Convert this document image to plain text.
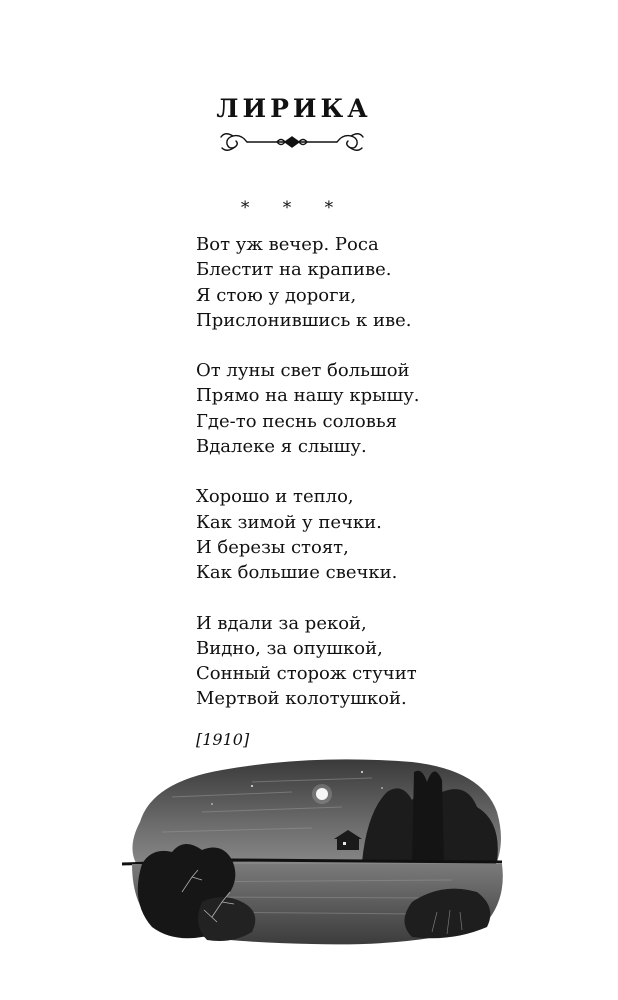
ЛИРИКА
* * *
Вот уж вечер. Роса
Блестит на крапиве.
Я стою у дороги,
Прислонившись к иве.
От луны свет большой
Прямо на нашу крышу.
Где-то песнь соловья
Вдалеке я слышу.
Хорошо и тепло,
Как зимой у печки.
И березы стоят,
Как большие свечки.
И вдали за рекой,
Видно, за опушкой,
Сонный сторож стучит
Мертвой колотушкой.
[1910]
